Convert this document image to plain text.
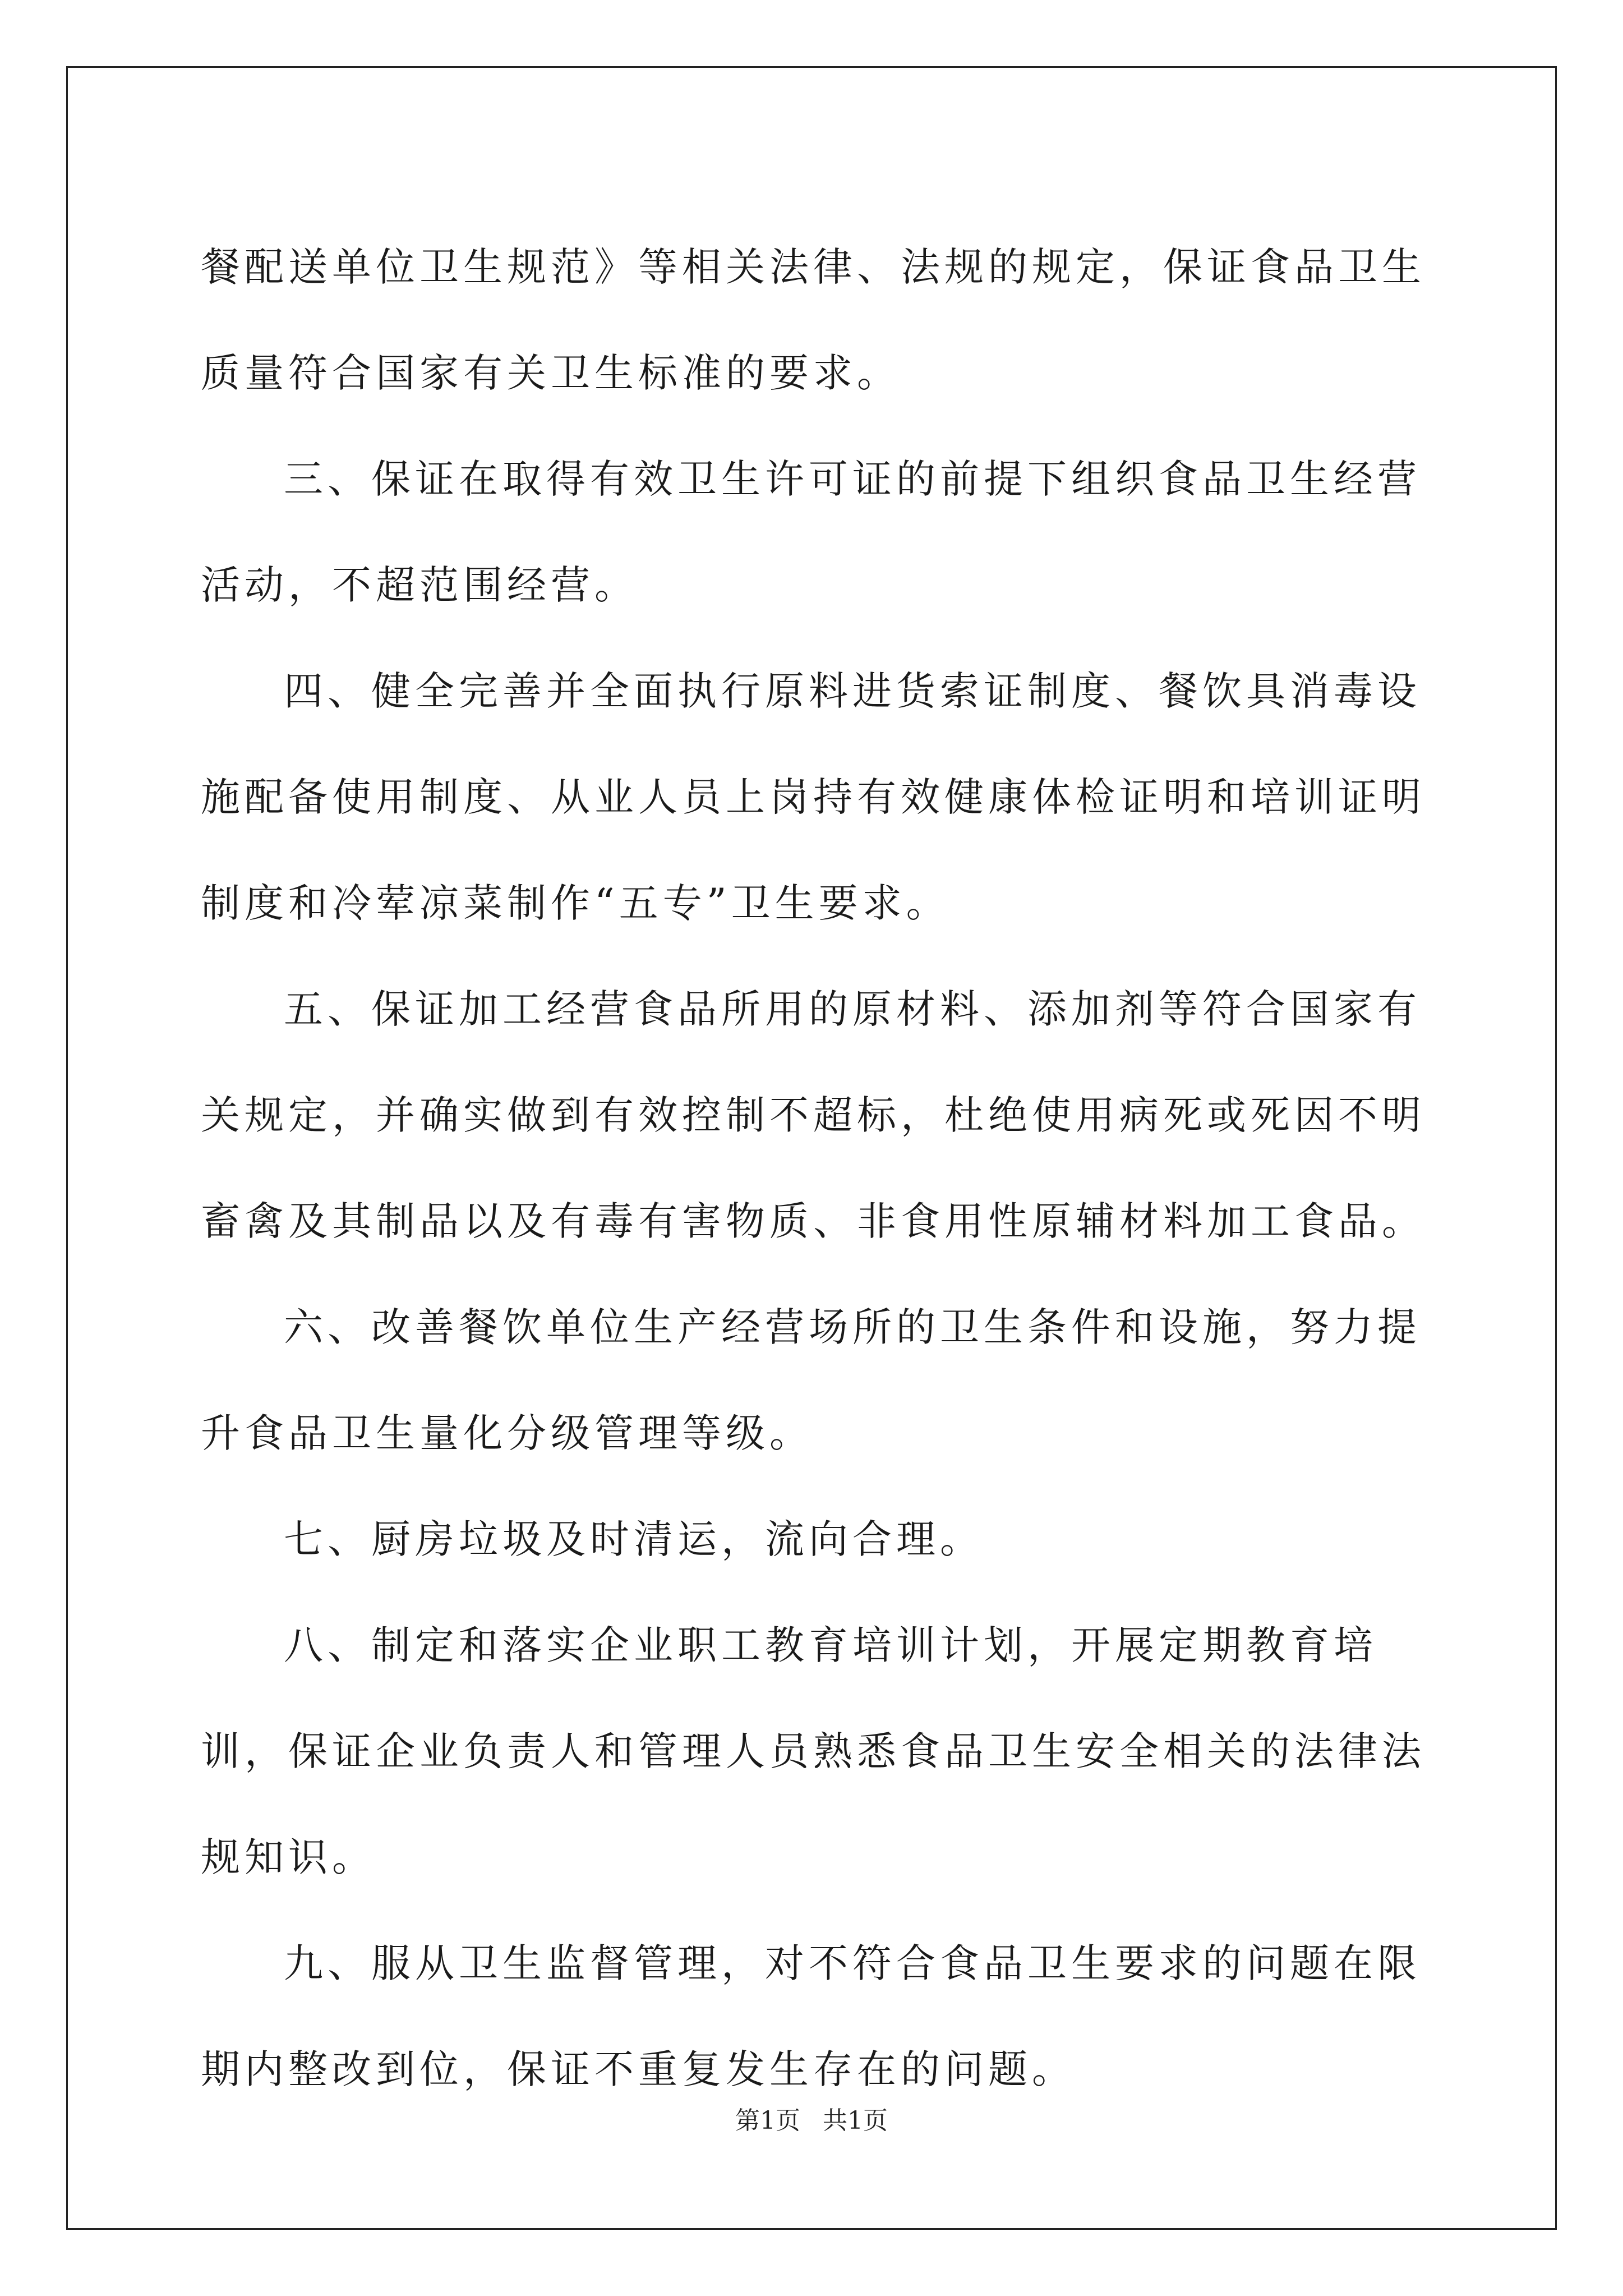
餐配送单位卫生规范》等相关法律、法规的规定，保证食品卫生质量符合国家有关卫生标准的要求。

三、保证在取得有效卫生许可证的前提下组织食品卫生经营活动，不超范围经营。

四、健全完善并全面执行原料进货索证制度、餐饮具消毒设施配备使用制度、从业人员上岗持有效健康体检证明和培训证明制度和冷荤凉菜制作“五专”卫生要求。

五、保证加工经营食品所用的原材料、添加剂等符合国家有关规定，并确实做到有效控制不超标，杜绝使用病死或死因不明畜禽及其制品以及有毒有害物质、非食用性原辅材料加工食品。

六、改善餐饮单位生产经营场所的卫生条件和设施，努力提升食品卫生量化分级管理等级。

七、厨房垃圾及时清运，流向合理。

八、制定和落实企业职工教育培训计划，开展定期教育培训，保证企业负责人和管理人员熟悉食品卫生安全相关的法律法规知识。

九、服从卫生监督管理，对不符合食品卫生要求的问题在限期内整改到位，保证不重复发生存在的问题。

第1页 共1页
